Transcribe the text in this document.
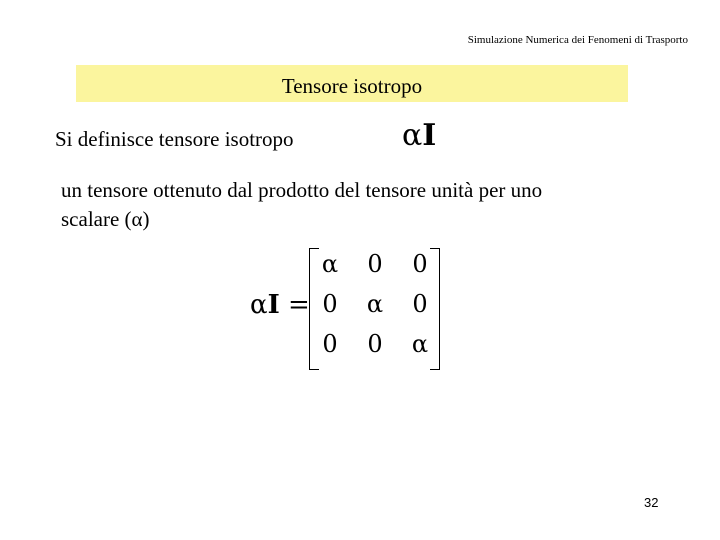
Simulazione Numerica dei Fenomeni di Trasporto
Tensore isotropo
Si definisce tensore isotropo	αI
un tensore ottenuto dal prodotto del tensore unità per uno
scalare (α)
αI =
α	0	0
0	α	0
0	0	α
32
